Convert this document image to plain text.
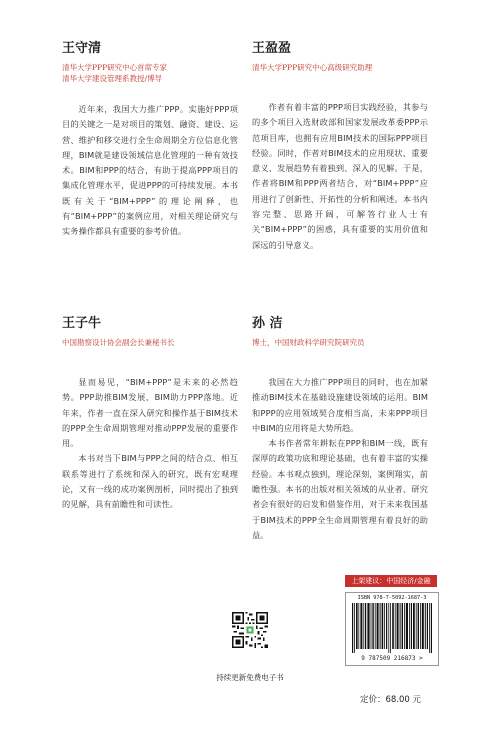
王守清

清华大学PPP研究中心首席专家

清华大学建设管理系教授/博导

近年来，我国大力推广PPP。实施好PPP项目的关键之一是对项目的策划、融资、建设、运营、维护和移交进行全生命周期全方位信息化管理，BIM就是建设领域信息化管理的一种有效技术。BIM和PPP的结合，有助于提高PPP项目的集成化管理水平，促进PPP的可持续发展。本书既有关于“BIM+PPP”的理论阐释，也有“BIM+PPP”的案例应用，对相关理论研究与实务操作都具有重要的参考价值。

王盈盈

清华大学PPP研究中心高级研究助理

作者有着丰富的PPP项目实践经验，其参与的多个项目入选财政部和国家发展改革委PPP示范项目库，也拥有应用BIM技术的国际PPP项目经验。同时，作者对BIM技术的应用现状、重要意义、发展趋势有着独到、深入的见解。于是，作者将BIM和PPP两者结合，对“BIM+PPP”应用进行了创新性、开拓性的分析和阐述。本书内容完整、思路开阔，可解答行业人士有关“BIM+PPP”的困惑，具有重要的实用价值和深远的引导意义。

王子牛

中国勘察设计协会副会长兼秘书长

显而易见，“BIM+PPP”是未来的必然趋势。PPP助推BIM发展，BIM助力PPP落地。近年来，作者一直在深入研究和操作基于BIM技术的PPP全生命周期管理对推动PPP发展的重要作用。

本书对当下BIM与PPP之间的结合点、相互联系等进行了系统和深入的研究，既有宏观理论，又有一线的成功案例剖析，同时提出了独到的见解，具有前瞻性和可读性。

孙 洁

博士，中国财政科学研究院研究员

我国在大力推广PPP项目的同时，也在加紧推动BIM技术在基础设施建设领域的运用。BIM和PPP的应用领域契合度相当高，未来PPP项目中BIM的应用将是大势所趋。

本书作者常年耕耘在PPP和BIM一线，既有深厚的政策功底和理论基础，也有着丰富的实操经验。本书观点独到，理论深刻，案例翔实，前瞻性强。本书的出版对相关领域的从业者、研究者会有很好的启发和借鉴作用，对于未来我国基于BIM技术的PPP全生命周期管理有着良好的助益。

上架建议：中国经济/金融
ISBN 978-7-5092-1687-3
9 787509 216873 >
持续更新免费电子书
定价：68.00 元
